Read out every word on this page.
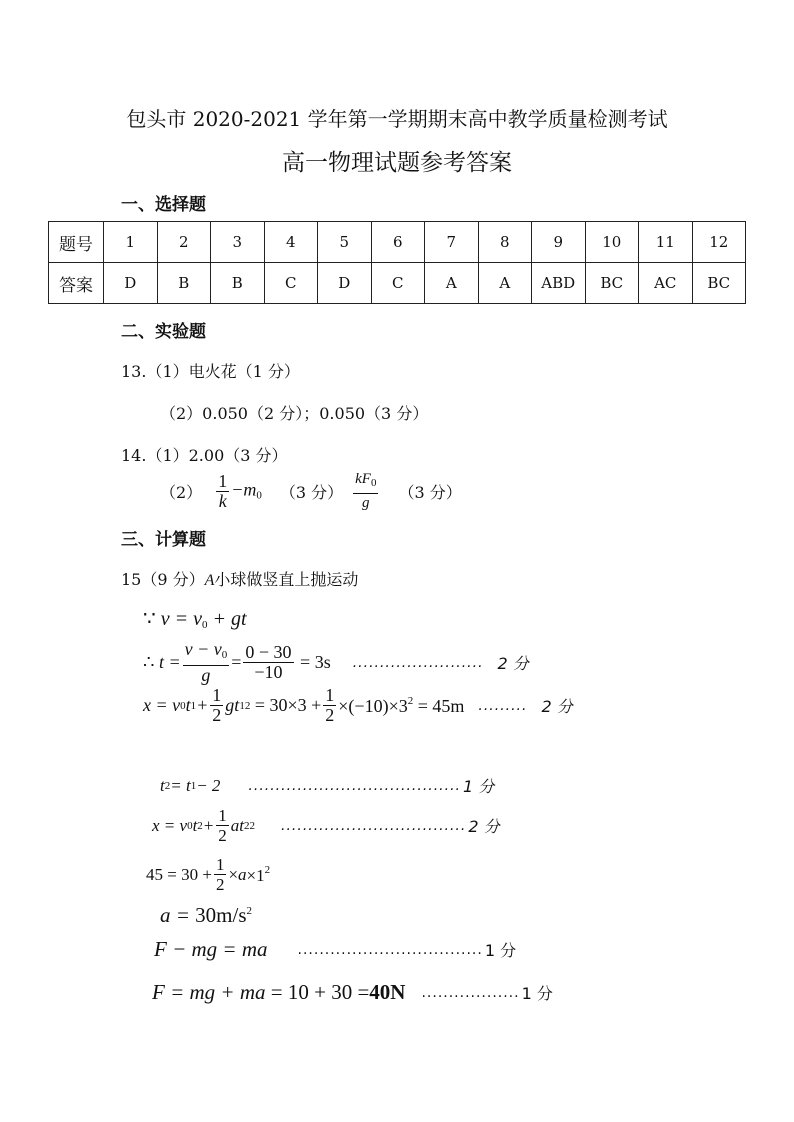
包头市 2020-2021 学年第一学期期末高中教学质量检测考试
高一物理试题参考答案
一、选择题
题号	1	2	3	4	5	6	7	8	9	10	11	12
答案	D	B	B	C	D	C	A	A	ABD	BC	AC	BC
二、实验题
13.（1）电火花（1 分）
（2）0.050（2 分）；0.050（3 分）
14.（1）2.00（3 分）
$(2) \frac{1}{k} -m_0$ （3 分） $\frac{kF_0}{g} (3$ 分）
三、计算题
15（9 分）A小球做竖直上抛运动
∵ $v = v_0$ + gt
∴ $t = \frac{v - v_0}{g} = \frac{0 - 30}{-10} = 3s$ ........................ 2 分
x = v 0 t $1 + \frac{1}{2}$ gt 1 $2 = 30\times 3 + \frac{1}{2} \times(-10)\times 3^2 = 45m$ ......... 2 分
t 2 = t 1 − 2 ....................................... 1 分
x = v 0 t $2 + \frac{1}{2}$ at 2 2 .................................. 2 分
$45 = 30 + \frac{1}{2} \times a \times 1^2$
$a = 30m/s^2$
F − mg = ma .................................. 1 分
F = mg + ma = 10 + 30 = 40N .................. 1 分
